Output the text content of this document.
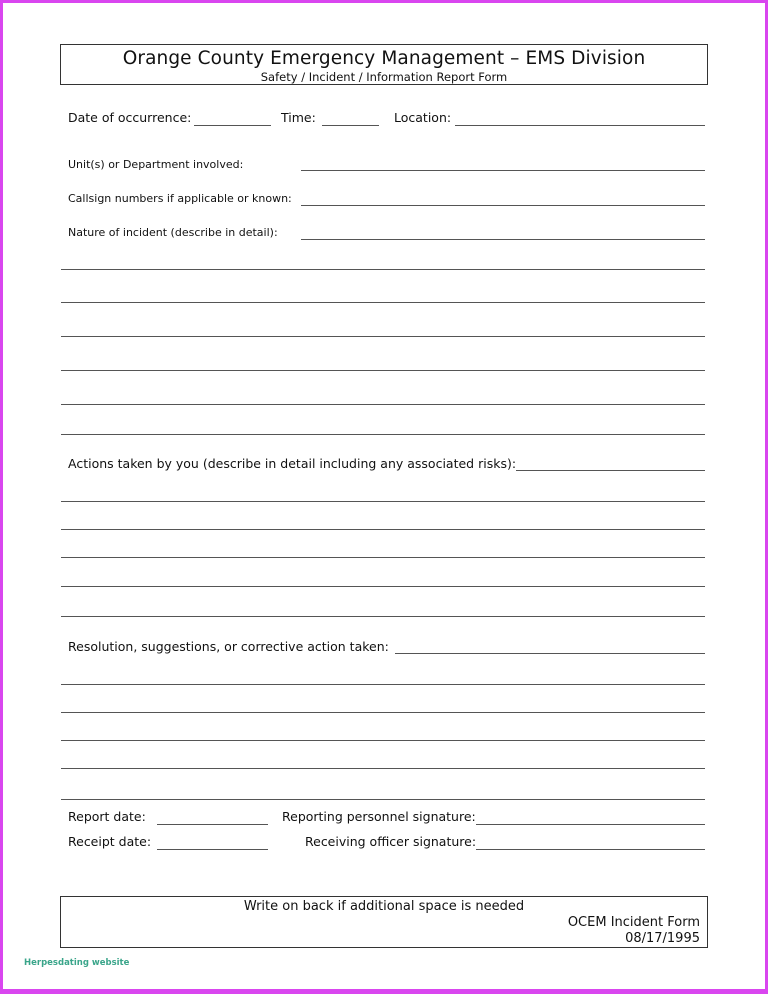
Orange County Emergency Management – EMS Division
Safety / Incident / Information Report Form
Date of occurrence:	Time:	Location:
Unit(s) or Department involved:
Callsign numbers if applicable or known:
Nature of incident (describe in detail):
Actions taken by you (describe in detail including any associated risks):
Resolution, suggestions, or corrective action taken:
Report date:	Reporting personnel signature:
Receipt date:	Receiving officer signature:
Write on back if additional space is needed
OCEM Incident Form
08/17/1995
Herpesdating website
